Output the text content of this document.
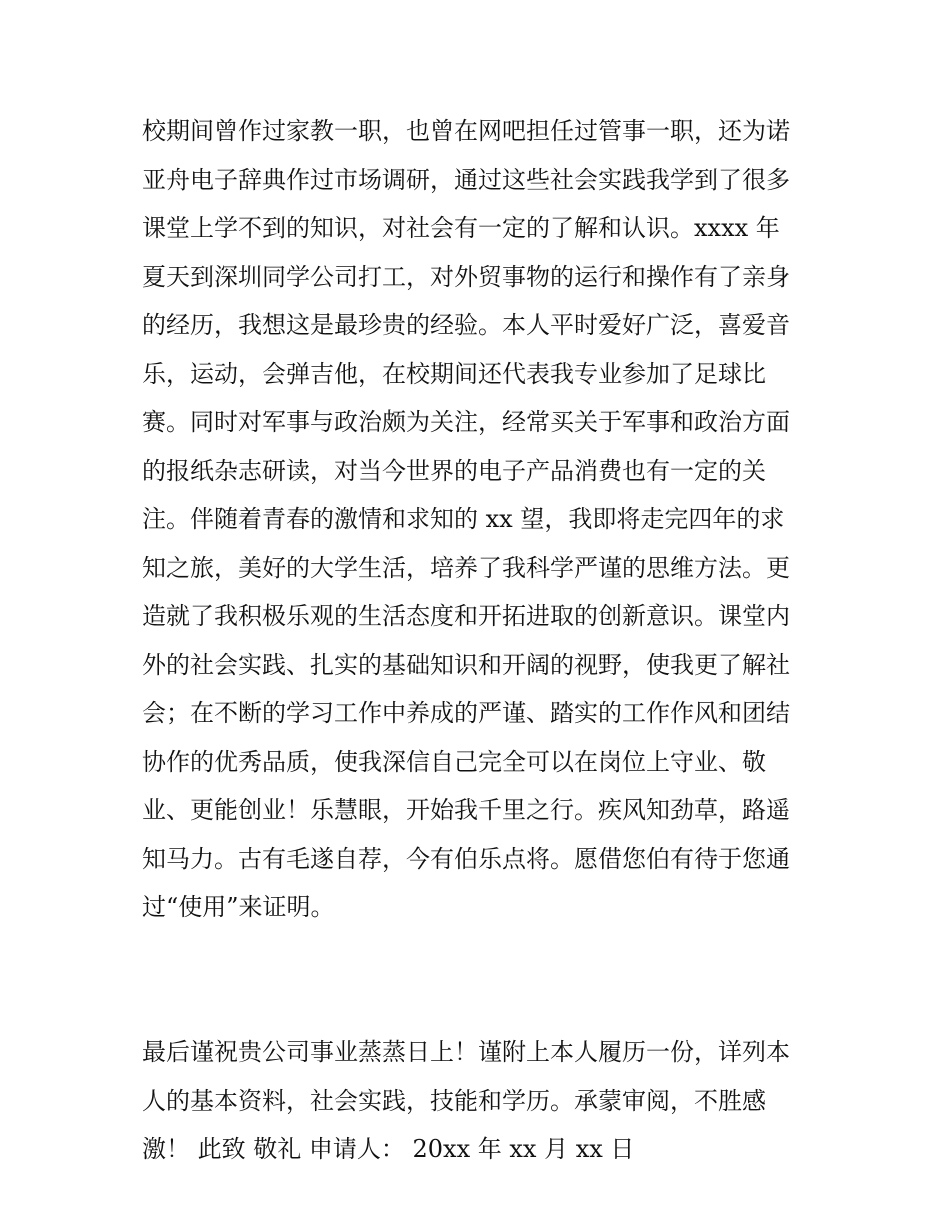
校期间曾作过家教一职，也曾在网吧担任过管事一职，还为诺
亚舟电子辞典作过市场调研，通过这些社会实践我学到了很多
课堂上学不到的知识，对社会有一定的了解和认识。xxxx 年
夏天到深圳同学公司打工，对外贸事物的运行和操作有了亲身
的经历，我想这是最珍贵的经验。本人平时爱好广泛，喜爱音
乐，运动，会弹吉他，在校期间还代表我专业参加了足球比
赛。同时对军事与政治颇为关注，经常买关于军事和政治方面
的报纸杂志研读，对当今世界的电子产品消费也有一定的关
注。伴随着青春的激情和求知的 xx 望，我即将走完四年的求
知之旅，美好的大学生活，培养了我科学严谨的思维方法。更
造就了我积极乐观的生活态度和开拓进取的创新意识。课堂内
外的社会实践、扎实的基础知识和开阔的视野，使我更了解社
会；在不断的学习工作中养成的严谨、踏实的工作作风和团结
协作的优秀品质，使我深信自己完全可以在岗位上守业、敬
业、更能创业！乐慧眼，开始我千里之行。疾风知劲草，路遥
知马力。古有毛遂自荐，今有伯乐点将。愿借您伯有待于您通
过“使用”来证明。
最后谨祝贵公司事业蒸蒸日上！谨附上本人履历一份，详列本
人的基本资料，社会实践，技能和学历。承蒙审阅，不胜感
激！ 此致 敬礼 申请人： 20xx 年 xx 月 xx 日
